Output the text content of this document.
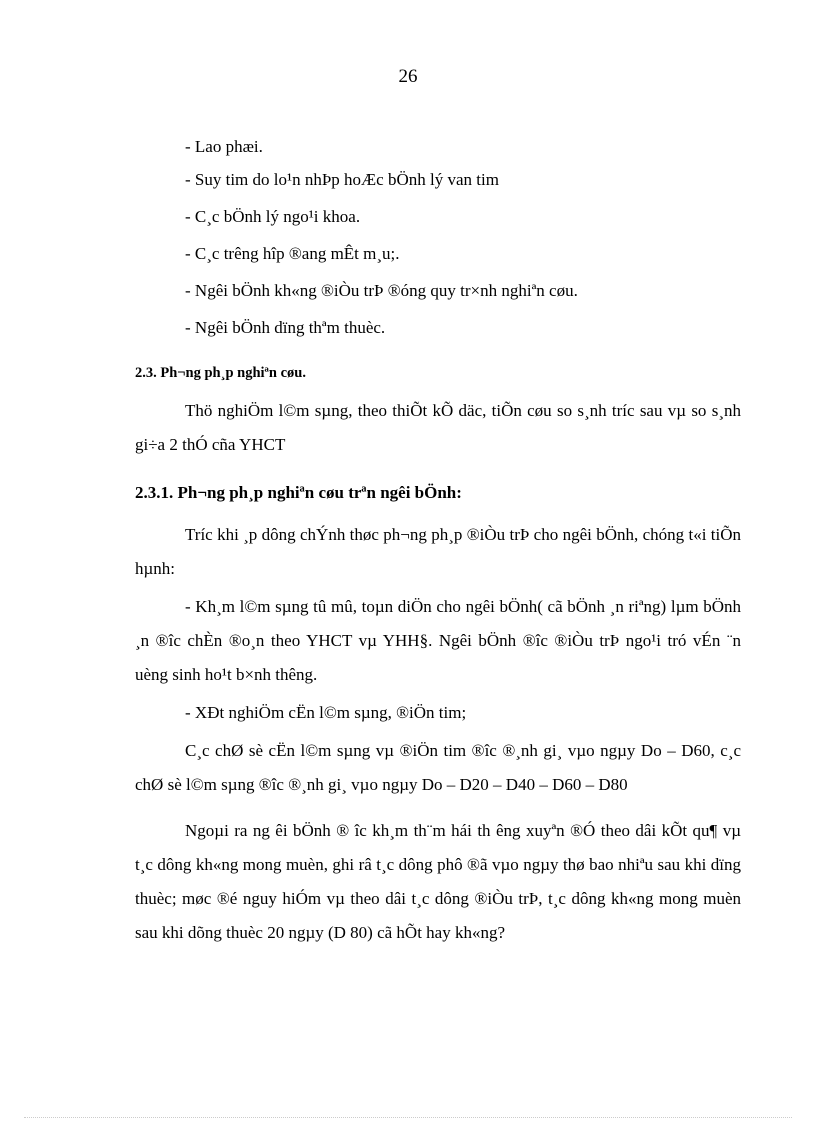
26
- Lao phæi.
- Suy tim do lo¹n nhÞp hoÆc bÖnh lý van tim
- C¸c bÖnh lý ngo¹i khoa.
- C¸c trêng hîp ®ang mÊt m¸u;.
- Ngêi bÖnh kh«ng ®iÒu trÞ ®óng quy tr×nh nghiªn cøu.
- Ngêi bÖnh dïng thªm thuèc.
2.3. Ph¬ng ph¸p nghiªn cøu.
Thö nghiÖm l©m sµng, theo thiÕt kÕ däc, tiÕn cøu so s¸nh tríc sau vµ so s¸nh gi÷a 2 thÓ cña YHCT
2.3.1. Ph¬ng ph¸p nghiªn cøu trªn ngêi bÖnh:
Tríc khi ¸p dông chÝnh thøc ph¬ng ph¸p ®iÒu trÞ cho ngêi bÖnh, chóng t«i tiÕn hµnh:
- Kh¸m l©m sµng tû mû, toµn diÖn cho ngêi bÖnh( cã bÖnh ¸n riªng) lµm bÖnh ¸n ®îc chÈn ®o¸n theo YHCT vµ YHH§. Ngêi bÖnh ®îc ®iÒu trÞ ngo¹i tró vÉn ¨n uèng sinh ho¹t b×nh thêng.
- XÐt nghiÖm cËn l©m sµng, ®iÖn tim;
C¸c chØ sè cËn l©m sµng vµ ®iÖn tim ®îc ®¸nh gi¸ vµo ngµy Do – D60, c¸c chØ sè l©m sµng ®îc ®¸nh gi¸ vµo ngµy Do – D20 – D40 – D60 – D80
Ngoµi ra ng êi bÖnh ® îc kh¸m th¨m hái th êng xuyªn ®Ó theo dâi kÕt qu¶ vµ t¸c dông kh«ng mong muèn, ghi râ t¸c dông phô ®ã vµo ngµy thø bao nhiªu sau khi dïng thuèc; møc ®é nguy hiÓm vµ theo dâi t¸c dông ®iÒu trÞ, t¸c dông kh«ng mong muèn sau khi dõng thuèc 20 ngµy (D 80) cã hÕt hay kh«ng?
